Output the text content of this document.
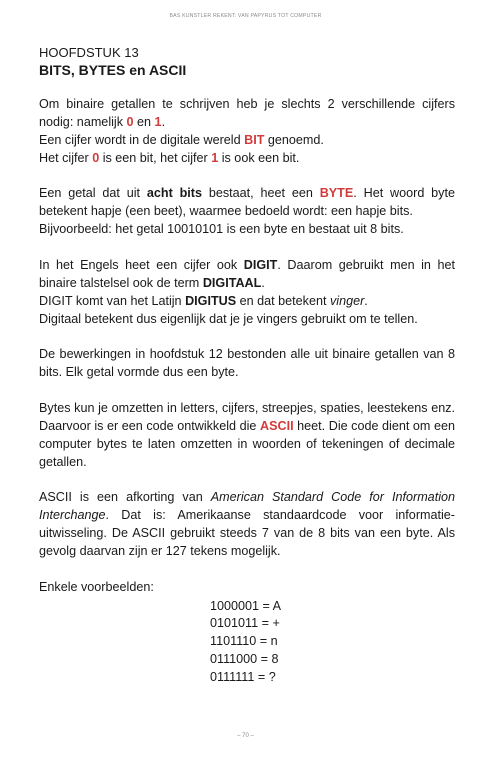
BAS KUNSTLER REKENT: VAN PAPYRUS TOT COMPUTER
HOOFDSTUK 13
BITS, BYTES en ASCII

Om binaire getallen te schrijven heb je slechts 2 verschillende cijfers nodig: namelijk 0 en 1.
Een cijfer wordt in de digitale wereld BIT genoemd.
Het cijfer 0 is een bit, het cijfer 1 is ook een bit.

Een getal dat uit acht bits bestaat, heet een BYTE. Het woord byte betekent hapje (een beet), waarmee bedoeld wordt: een hapje bits.
Bijvoorbeeld: het getal 10010101 is een byte en bestaat uit 8 bits.

In het Engels heet een cijfer ook DIGIT. Daarom gebruikt men in het binaire talstelsel ook de term DIGITAAL.
DIGIT komt van het Latijn DIGITUS en dat betekent vinger.
Digitaal betekent dus eigenlijk dat je je vingers gebruikt om te tellen.

De bewerkingen in hoofdstuk 12 bestonden alle uit binaire getallen van 8 bits. Elk getal vormde dus een byte.

Bytes kun je omzetten in letters, cijfers, streepjes, spaties, leestekens enz. Daarvoor is er een code ontwikkeld die ASCII heet. Die code dient om een computer bytes te laten omzetten in woorden of tekeningen of decimale getallen.

ASCII is een afkorting van American Standard Code for Information Interchange. Dat is: Amerikaanse standaardcode voor informatie-uitwisseling. De ASCII gebruikt steeds 7 van de 8 bits van een byte. Als gevolg daarvan zijn er 127 tekens mogelijk.

Enkele voorbeelden:

1000001 = A
0101011 = +
1101110 = n
0111000 = 8
0111111 = ?
– 70 –
